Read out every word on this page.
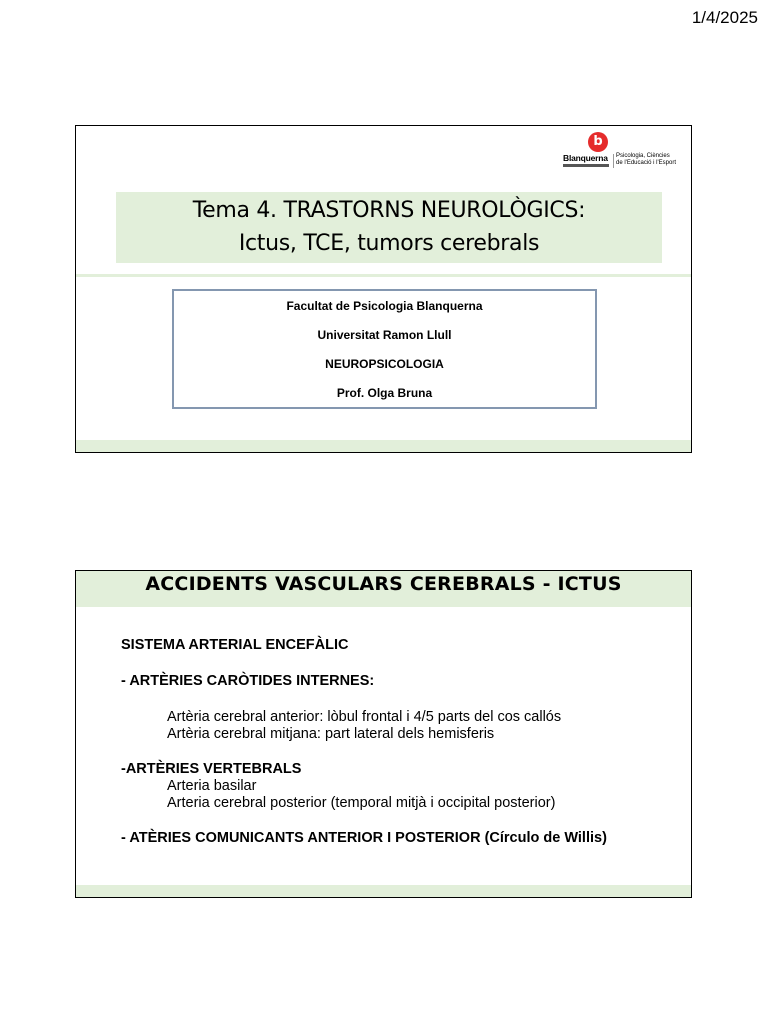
1/4/2025
b
Blanquerna Psicologia, Ciències
de l'Educació i l'Esport
Tema 4. TRASTORNS NEUROLÒGICS:
Ictus, TCE, tumors cerebrals
Facultat de Psicologia Blanquerna
Universitat Ramon Llull
NEUROPSICOLOGIA
Prof. Olga Bruna
ACCIDENTS VASCULARS CEREBRALS - ICTUS
SISTEMA ARTERIAL ENCEFÀLIC
- ARTÈRIES CARÒTIDES INTERNES:
Artèria cerebral anterior: lòbul frontal i 4/5 parts del cos callós
Artèria cerebral mitjana: part lateral dels hemisferis
-ARTÈRIES VERTEBRALS
Arteria basilar
Arteria cerebral posterior (temporal mitjà i occipital posterior)
- ATÈRIES COMUNICANTS ANTERIOR I POSTERIOR (Círculo de Willis)
